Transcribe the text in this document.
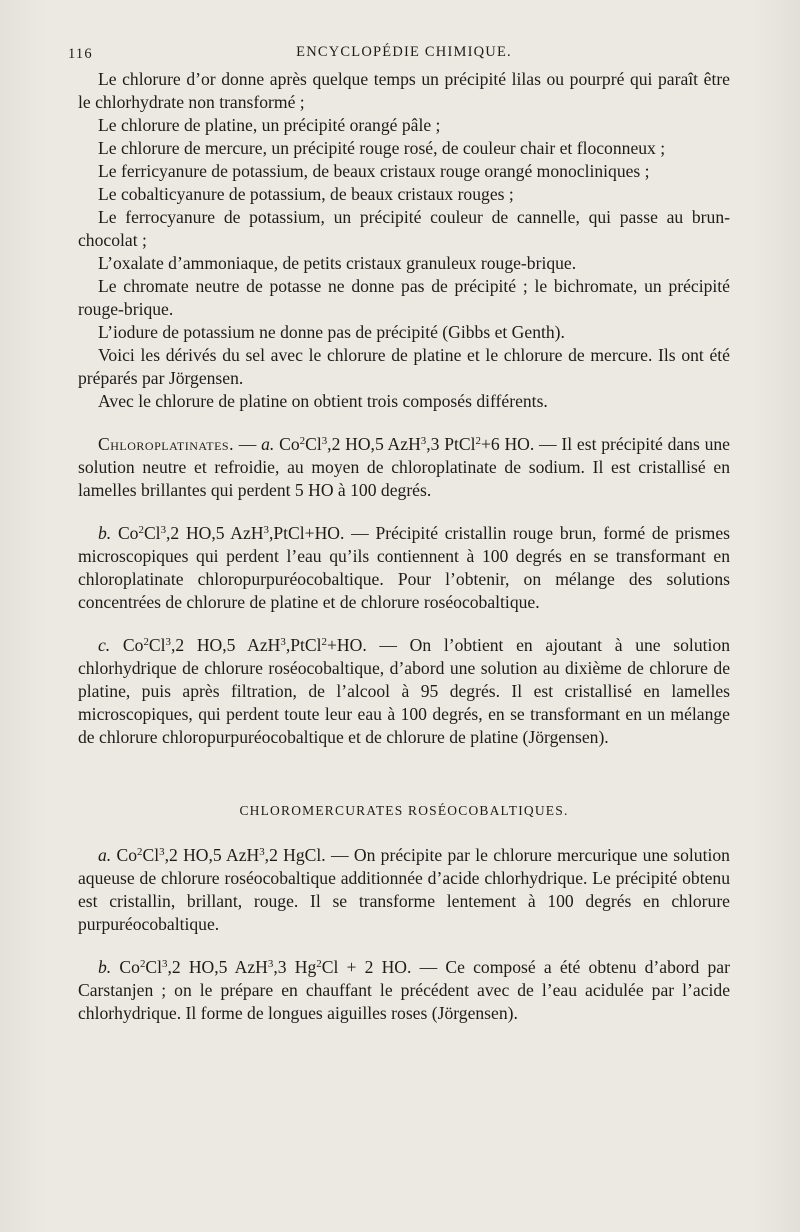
116	ENCYCLOPÉDIE CHIMIQUE.

Le chlorure d’or donne après quelque temps un précipité lilas ou pourpré qui paraît être le chlorhydrate non transformé ;

Le chlorure de platine, un précipité orangé pâle ;

Le chlorure de mercure, un précipité rouge rosé, de couleur chair et floconneux ;

Le ferricyanure de potassium, de beaux cristaux rouge orangé monocliniques ;

Le cobalticyanure de potassium, de beaux cristaux rouges ;

Le ferrocyanure de potassium, un précipité couleur de cannelle, qui passe au brun-chocolat ;

L’oxalate d’ammoniaque, de petits cristaux granuleux rouge-brique.

Le chromate neutre de potasse ne donne pas de précipité ; le bichromate, un précipité rouge-brique.

L’iodure de potassium ne donne pas de précipité (Gibbs et Genth).

Voici les dérivés du sel avec le chlorure de platine et le chlorure de mercure. Ils ont été préparés par Jörgensen.

Avec le chlorure de platine on obtient trois composés différents.

Chloroplatinates. — a. Co$^2$Cl$^3$,2 HO,5 AzH$^3$,3 PtCl$^2$+6 HO. — Il est précipité dans une solution neutre et refroidie, au moyen de chloroplatinate de sodium. Il est cristallisé en lamelles brillantes qui perdent 5 HO à 100 degrés.

b. Co$^2$Cl$^3$,2 HO,5 AzH$^3$,PtCl+HO. — Précipité cristallin rouge brun, formé de prismes microscopiques qui perdent l’eau qu’ils contiennent à 100 degrés en se transformant en chloroplatinate chloropurpuréocobaltique. Pour l’obtenir, on mélange des solutions concentrées de chlorure de platine et de chlorure roséocobaltique.

c. Co$^2$Cl$^3$,2 HO,5 AzH$^3$,PtCl$^2$+HO. — On l’obtient en ajoutant à une solution chlorhydrique de chlorure roséocobaltique, d’abord une solution au dixième de chlorure de platine, puis après filtration, de l’alcool à 95 degrés. Il est cristallisé en lamelles microscopiques, qui perdent toute leur eau à 100 degrés, en se transformant en un mélange de chlorure chloropurpuréocobaltique et de chlorure de platine (Jörgensen).

CHLOROMERCURATES ROSÉOCOBALTIQUES.

a. Co$^2$Cl$^3$,2 HO,5 AzH$^3$,2 HgCl. — On précipite par le chlorure mercurique une solution aqueuse de chlorure roséocobaltique additionnée d’acide chlorhydrique. Le précipité obtenu est cristallin, brillant, rouge. Il se transforme lentement à 100 degrés en chlorure purpuréocobaltique.

b. Co$^2$Cl$^3$,2 HO,5 AzH$^3$,3 $Hg^2Cl + 2$ HO. — Ce composé a été obtenu d’abord par Carstanjen ; on le prépare en chauffant le précédent avec de l’eau acidulée par l’acide chlorhydrique. Il forme de longues aiguilles roses (Jörgensen).
